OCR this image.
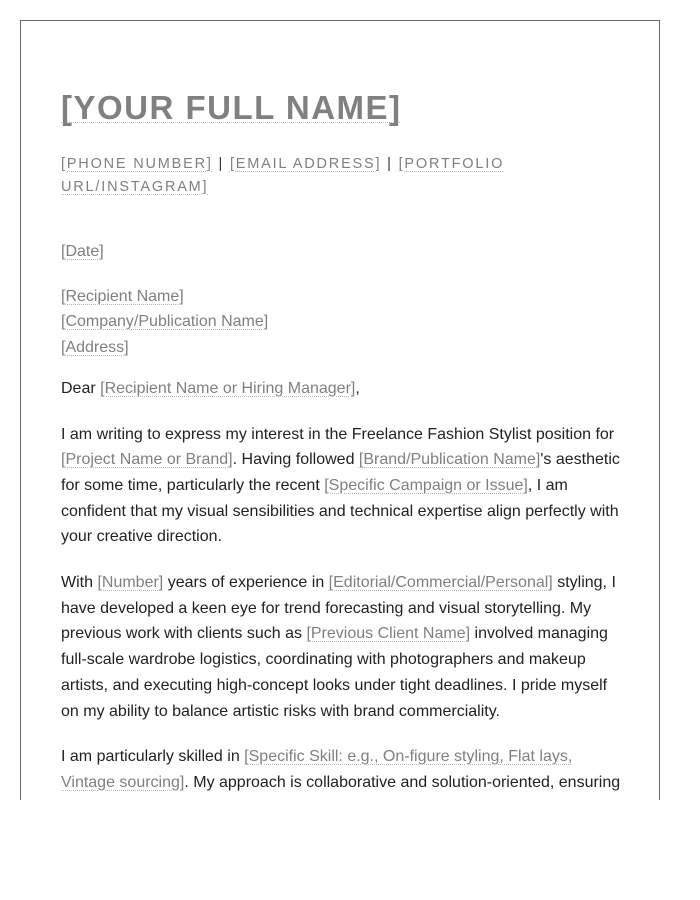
[YOUR FULL NAME]
[PHONE NUMBER] | [EMAIL ADDRESS] | [PORTFOLIO URL/INSTAGRAM]
[Date]
[Recipient Name]
[Company/Publication Name]
[Address]
Dear [Recipient Name or Hiring Manager],

I am writing to express my interest in the Freelance Fashion Stylist position for [Project Name or Brand]. Having followed [Brand/Publication Name]'s aesthetic for some time, particularly the recent [Specific Campaign or Issue], I am confident that my visual sensibilities and technical expertise align perfectly with your creative direction.

With [Number] years of experience in [Editorial/Commercial/Personal] styling, I have developed a keen eye for trend forecasting and visual storytelling. My previous work with clients such as [Previous Client Name] involved managing full-scale wardrobe logistics, coordinating with photographers and makeup artists, and executing high-concept looks under tight deadlines. I pride myself on my ability to balance artistic risks with brand commerciality.

I am particularly skilled in [Specific Skill: e.g., On-figure styling, Flat lays, Vintage sourcing]. My approach is collaborative and solution-oriented, ensuring
